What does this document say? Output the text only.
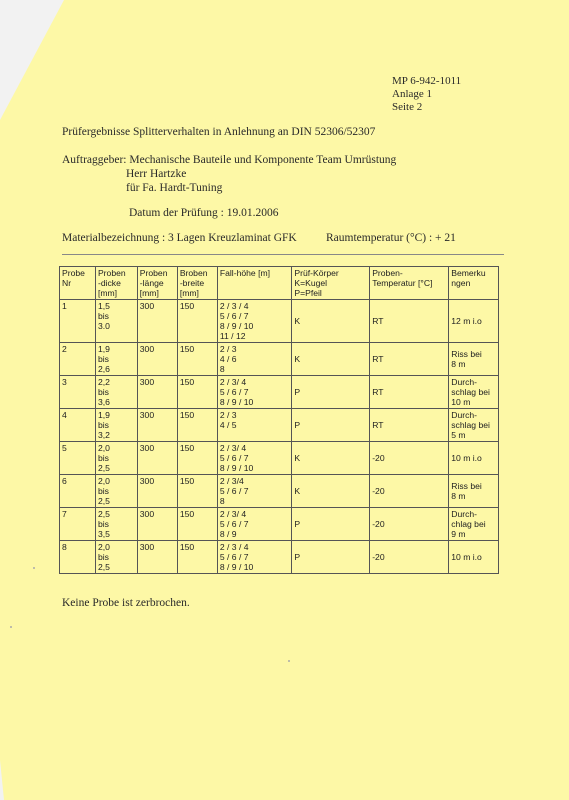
MP 6-942-1011
Anlage 1
Seite 2
Prüfergebnisse Splitterverhalten in Anlehnung an DIN 52306/52307
Auftraggeber: Mechanische Bauteile und Komponente Team Umrüstung
Herr Hartzke
für Fa. Hardt-Tuning
Datum der Prüfung : 19.01.2006
Materialbezeichnung : 3 Lagen Kreuzlaminat GFK	Raumtemperatur (°C) : + 21
Probe
Nr	Proben
-dicke
[mm]	Proben
-länge
[mm]	Broben
-breite
[mm]	Fall-höhe [m]	Prüf-Körper
K=Kugel
P=Pfeil	Proben-
Temperatur [°C]	Bemerku
ngen

1	1,5
bis
3.0	300	150	2 / 3 / 4
5 / 6 / 7
8 / 9 / 10
11 / 12	K	RT	12 m i.o

2	1,9
bis
2,6	300	150	2 / 3
4 / 6
8	K	RT	Riss bei
8 m

3	2,2
bis
3,6	300	150	2 / 3/ 4
5 / 6 / 7
8 / 9 / 10	P	RT	Durch-
schlag bei
10 m

4	1,9
bis
3,2	300	150	2 / 3
4 / 5	P	RT	Durch-
schlag bei
5 m

5	2,0
bis
2,5	300	150	2 / 3/ 4
5 / 6 / 7
8 / 9 / 10	K	-20	10 m i.o

6	2,0
bis
2,5	300	150	2 / 3/4
5 / 6 / 7
8	K	-20	Riss bei
8 m

7	2,5
bis
3,5	300	150	2 / 3/ 4
5 / 6 / 7
8 / 9	P	-20	Durch-
chlag bei
9 m

8	2,0
bis
2,5	300	150	2 / 3 / 4
5 / 6 / 7
8 / 9 / 10	P	-20	10 m i.o
Keine Probe ist zerbrochen.
